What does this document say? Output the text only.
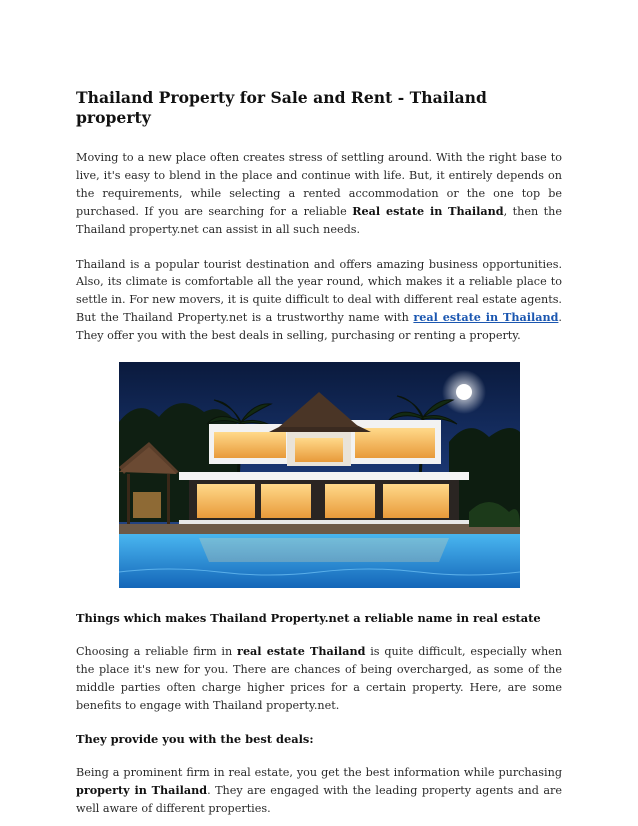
Thailand Property for Sale and Rent - Thailand property

Moving to a new place often creates stress of settling around. With the right base to live, it's easy to blend in the place and continue with life. But, it entirely depends on the requirements, while selecting a rented accommodation or the one top be purchased. If you are searching for a reliable Real estate in Thailand, then the Thailand property.net can assist in all such needs.

Thailand is a popular tourist destination and offers amazing business opportunities. Also, its climate is comfortable all the year round, which makes it a reliable place to settle in. For new movers, it is quite difficult to deal with different real estate agents. But the Thailand Property.net is a trustworthy name with real estate in Thailand. They offer you with the best deals in selling, purchasing or renting a property.

Things which makes Thailand Property.net a reliable name in real estate

Choosing a reliable firm in real estate Thailand is quite difficult, especially when the place it's new for you. There are chances of being overcharged, as some of the middle parties often charge higher prices for a certain property. Here, are some benefits to engage with Thailand property.net.

They provide you with the best deals:

Being a prominent firm in real estate, you get the best information while purchasing property in Thailand. They are engaged with the leading property agents and are well aware of different properties.
